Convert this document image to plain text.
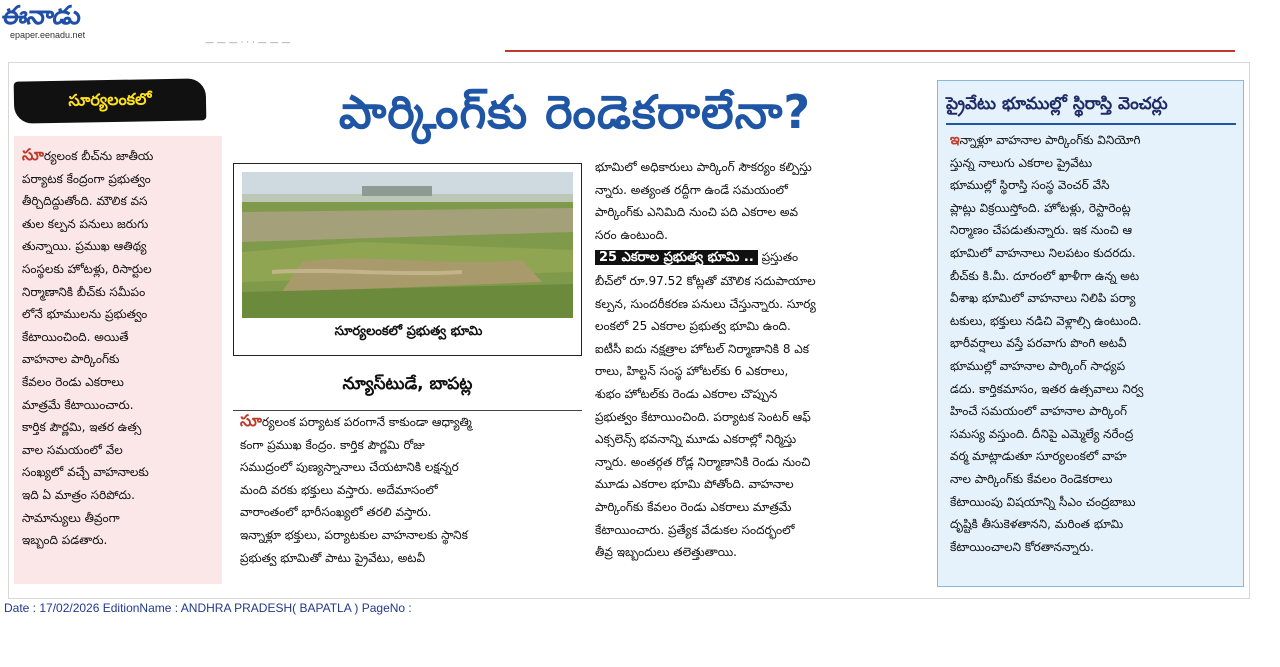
ఈనాడు
epaper.eenadu.net
— — — · · · — — —
సూర్యలంకలో	పార్కింగ్‌కు రెండెకరాలేనా?
సూర్యలంక బీచ్‌ను జాతీయ
పర్యాటక కేంద్రంగా ప్రభుత్వం
తీర్చిదిద్దుతోంది. మౌలిక వస
తుల కల్పన పనులు జరుగు
తున్నాయి. ప్రముఖ ఆతిథ్య
సంస్థలకు హోటళ్లు, రిసార్టుల
నిర్మాణానికి బీచ్‌కు సమీపం
లోనే భూములను ప్రభుత్వం
కేటాయించింది. అయితే
వాహనాల పార్కింగ్‌కు
కేవలం రెండు ఎకరాలు
మాత్రమే కేటాయించారు.
కార్తిక పౌర్ణమి, ఇతర ఉత్స
వాల సమయంలో వేల
సంఖ్యలో వచ్చే వాహనాలకు
ఇది ఏ మాత్రం సరిపోదు.
సామాన్యులు తీవ్రంగా
ఇబ్బంది పడతారు.
సూర్యలంకలో ప్రభుత్వ భూమి
న్యూస్‌టుడే, బాపట్ల
సూర్యలంక పర్యాటక పరంగానే కాకుండా ఆధ్యాత్మి
కంగా ప్రముఖ కేంద్రం. కార్తిక పౌర్ణమి రోజు
సముద్రంలో పుణ్యస్నానాలు చేయటానికి లక్షన్నర
మంది వరకు భక్తులు వస్తారు. అదేమాసంలో
వారాంతంలో భారీసంఖ్యలో తరలి వస్తారు.
ఇన్నాళ్లూ భక్తులు, పర్యాటకుల వాహనాలకు స్థానిక
ప్రభుత్వ భూమితో పాటు ప్రైవేటు, అటవీ
భూమిలో అధికారులు పార్కింగ్ సౌకర్యం కల్పిస్తు
న్నారు. అత్యంత రద్దీగా ఉండే సమయంలో
పార్కింగ్‌కు ఎనిమిది నుంచి పది ఎకరాల అవ
సరం ఉంటుంది.
25 ఎకరాల ప్రభుత్వ భూమి .. ప్రస్తుతం
బీచ్‌లో రూ.97.52 కోట్లతో మౌలిక సదుపాయాల
కల్పన, సుందరీకరణ పనులు చేస్తున్నారు. సూర్య
లంకలో 25 ఎకరాల ప్రభుత్వ భూమి ఉంది.
ఐటీసీ ఐదు నక్షత్రాల హోటల్ నిర్మాణానికి 8 ఎక
రాలు, హిల్టన్ సంస్థ హోటల్‌కు 6 ఎకరాలు,
శుభం హోటల్‌కు రెండు ఎకరాల చొప్పున
ప్రభుత్వం కేటాయించింది. పర్యాటక సెంటర్ ఆఫ్
ఎక్సలెన్స్ భవనాన్ని మూడు ఎకరాల్లో నిర్మిస్తు
న్నారు. అంతర్గత రోడ్ల నిర్మాణానికి రెండు నుంచి
మూడు ఎకరాల భూమి పోతోంది. వాహనాల
పార్కింగ్‌కు కేవలం రెండు ఎకరాలు మాత్రమే
కేటాయించారు. ప్రత్యేక వేడుకల సందర్భంలో
తీవ్ర ఇబ్బందులు తలెత్తుతాయి.
ప్రైవేటు భూముల్లో స్థిరాస్తి వెంచర్లు
ఇన్నాళ్లూ వాహనాల పార్కింగ్‌కు వినియోగి
స్తున్న నాలుగు ఎకరాల ప్రైవేటు
భూముల్లో స్థిరాస్తి సంస్థ వెంచర్ వేసి
ప్లాట్లు విక్రయిస్తోంది. హోటళ్లు, రెస్టారెంట్ల
నిర్మాణం చేపడుతున్నారు. ఇక నుంచి ఆ
భూమిలో వాహనాలు నిలపటం కుదరదు.
బీచ్‌కు కి.మీ. దూరంలో ఖాళీగా ఉన్న అట
వీశాఖ భూమిలో వాహనాలు నిలిపి పర్యా
టకులు, భక్తులు నడిచి వెళ్లాల్సి ఉంటుంది.
భారీవర్షాలు వస్తే పరవాగు పొంగి అటవీ
భూముల్లో వాహనాల పార్కింగ్ సాధ్యప
డదు. కార్తికమాసం, ఇతర ఉత్సవాలు నిర్వ
హించే సమయంలో వాహనాల పార్కింగ్
సమస్య వస్తుంది. దీనిపై ఎమ్మెల్యే నరేంద్ర
వర్మ మాట్లాడుతూ సూర్యలంకలో వాహ
నాల పార్కింగ్‌కు కేవలం రెండెకరాలు
కేటాయింపు విషయాన్ని సీఎం చంద్రబాబు
దృష్టికి తీసుకెళతానని, మరింత భూమి
కేటాయించాలని కోరతానన్నారు.
Date : 17/02/2026 EditionName : ANDHRA PRADESH( BAPATLA ) PageNo :
